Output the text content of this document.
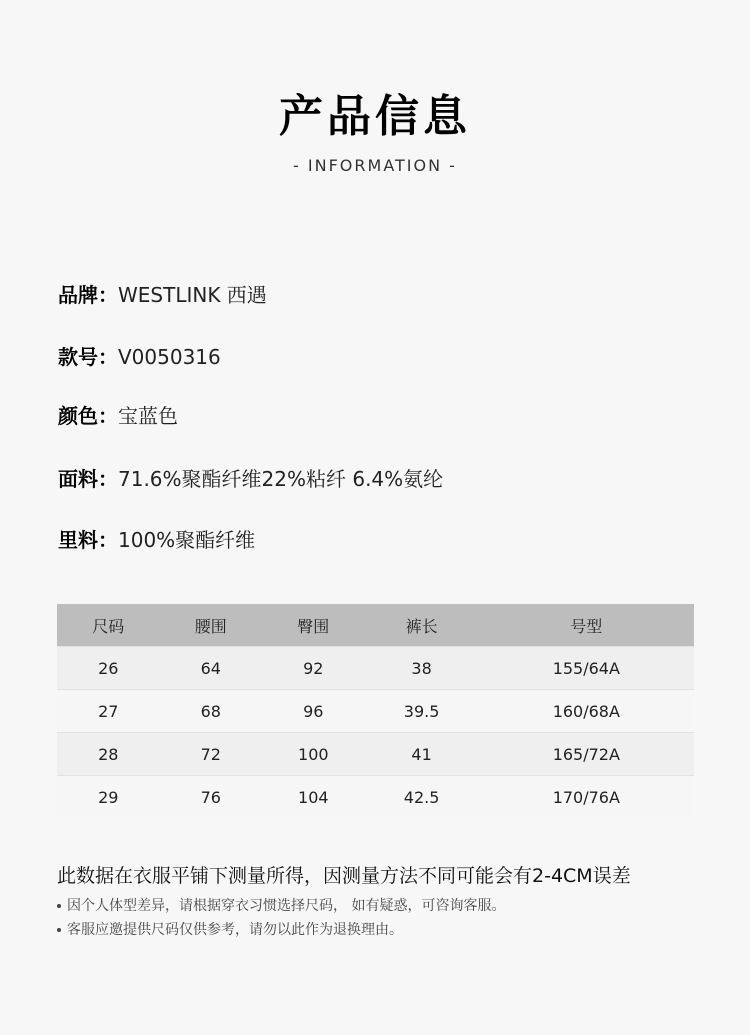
产品信息
- INFORMATION -
品牌：WESTLINK 西遇
款号：V0050316
颜色：宝蓝色
面料：71.6%聚酯纤维22%粘纤 6.4%氨纶
里料：100%聚酯纤维
尺码	腰围	臀围	裤长	号型
26	64	92	38	155/64A
27	68	96	39.5	160/68A
28	72	100	41	165/72A
29	76	104	42.5	170/76A
此数据在衣服平铺下测量所得，因测量方法不同可能会有2-4CM误差
因个人体型差异，请根据穿衣习惯选择尺码， 如有疑惑，可咨询客服。
客服应邀提供尺码仅供参考，请勿以此作为退换理由。
